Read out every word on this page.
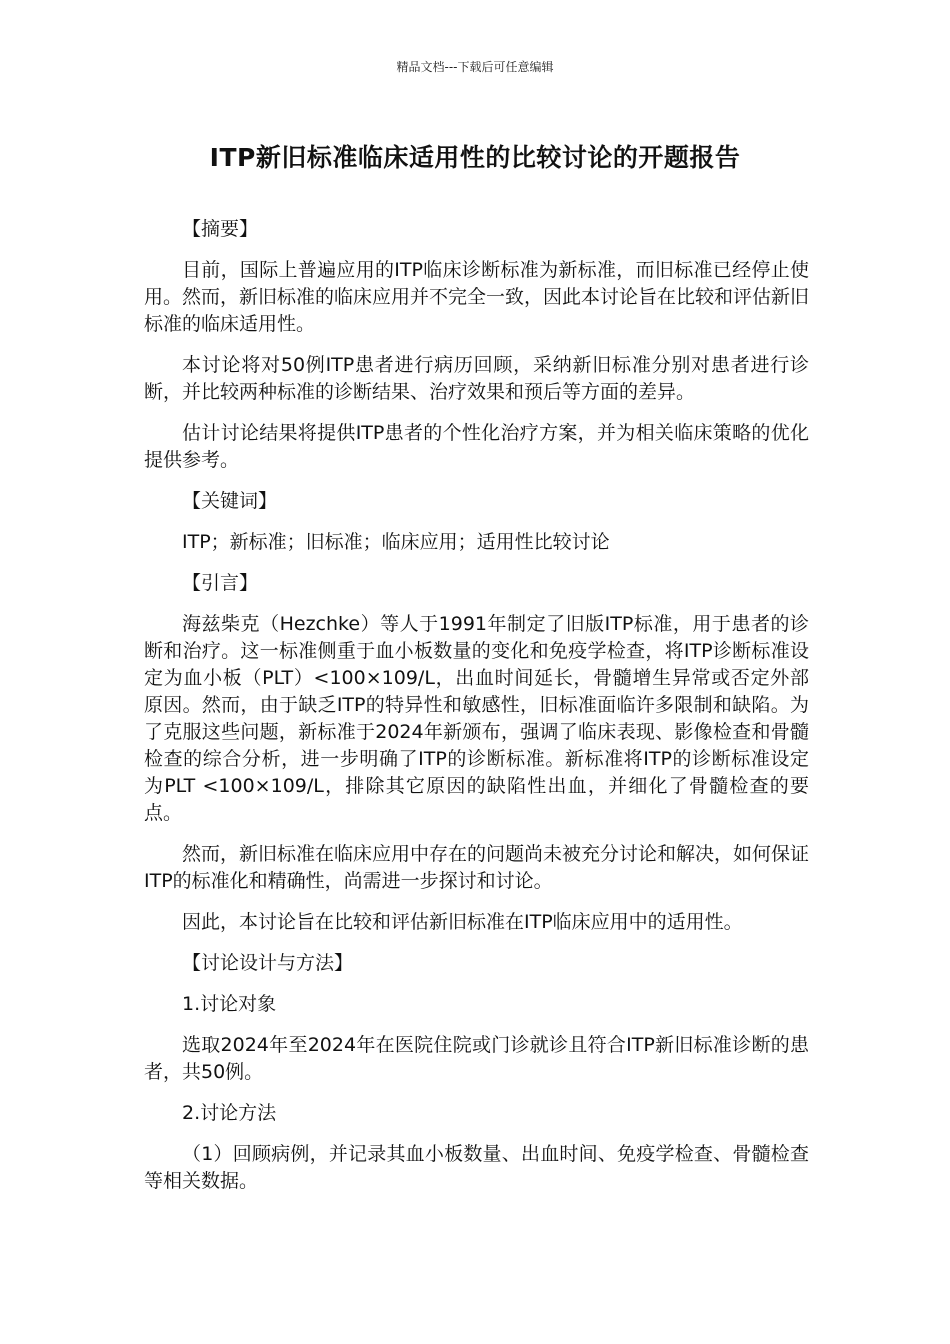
精品文档---下载后可任意编辑
ITP新旧标准临床适用性的比较讨论的开题报告

【摘要】

目前，国际上普遍应用的ITP临床诊断标准为新标准，而旧标准已经停止使用。然而，新旧标准的临床应用并不完全一致，因此本讨论旨在比较和评估新旧标准的临床适用性。

本讨论将对50例ITP患者进行病历回顾，采纳新旧标准分别对患者进行诊断，并比较两种标准的诊断结果、治疗效果和预后等方面的差异。

估计讨论结果将提供ITP患者的个性化治疗方案，并为相关临床策略的优化提供参考。

【关键词】

ITP；新标准；旧标准；临床应用；适用性比较讨论

【引言】

海兹柴克（Hezchke）等人于1991年制定了旧版ITP标准，用于患者的诊断和治疗。这一标准侧重于血小板数量的变化和免疫学检查，将ITP诊断标准设定为血小板（PLT）<100×109/L，出血时间延长，骨髓增生异常或否定外部原因。然而，由于缺乏ITP的特异性和敏感性，旧标准面临许多限制和缺陷。为了克服这些问题，新标准于2024年新颁布，强调了临床表现、影像检查和骨髓检查的综合分析，进一步明确了ITP的诊断标准。新标准将ITP的诊断标准设定为PLT <100×109/L，排除其它原因的缺陷性出血，并细化了骨髓检查的要点。

然而，新旧标准在临床应用中存在的问题尚未被充分讨论和解决，如何保证ITP的标准化和精确性，尚需进一步探讨和讨论。

因此，本讨论旨在比较和评估新旧标准在ITP临床应用中的适用性。

【讨论设计与方法】

1.讨论对象

选取2024年至2024年在医院住院或门诊就诊且符合ITP新旧标准诊断的患者，共50例。

2.讨论方法

（1）回顾病例，并记录其血小板数量、出血时间、免疫学检查、骨髓检查等相关数据。
